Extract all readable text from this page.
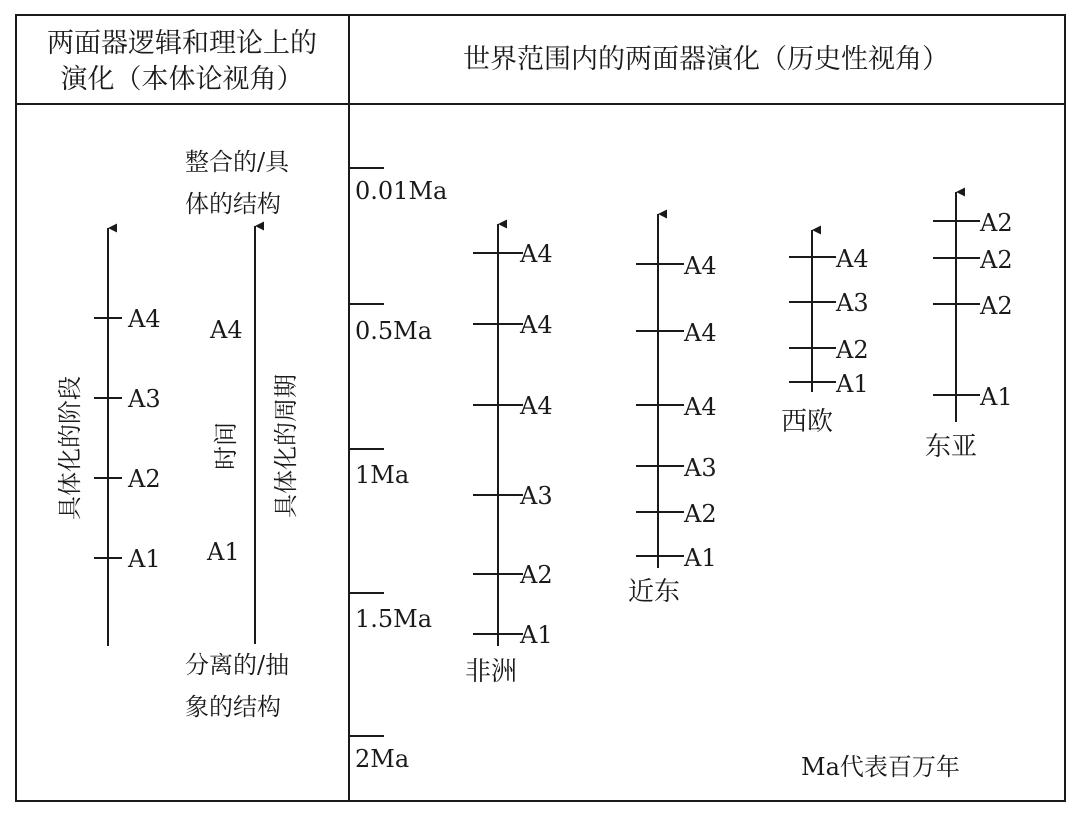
两面器逻辑和理论上的
演化（本体论视角）
世界范围内的两面器演化（历史性视角）
A4
A3
A2
A1
具体化的阶段
整合的/具
体的结构
分离的/抽
象的结构
A4
A1
时间 具体化的周期
0.01Ma
0.5Ma
1Ma
1.5Ma
2Ma
A4
A4
A4
A3
A2
A1
非洲
A4
A4
A4
A3
A2
A1
近东
A4
A3
A2
A1
西欧
A2
A2
A2
A1
东亚
Ma代表百万年
